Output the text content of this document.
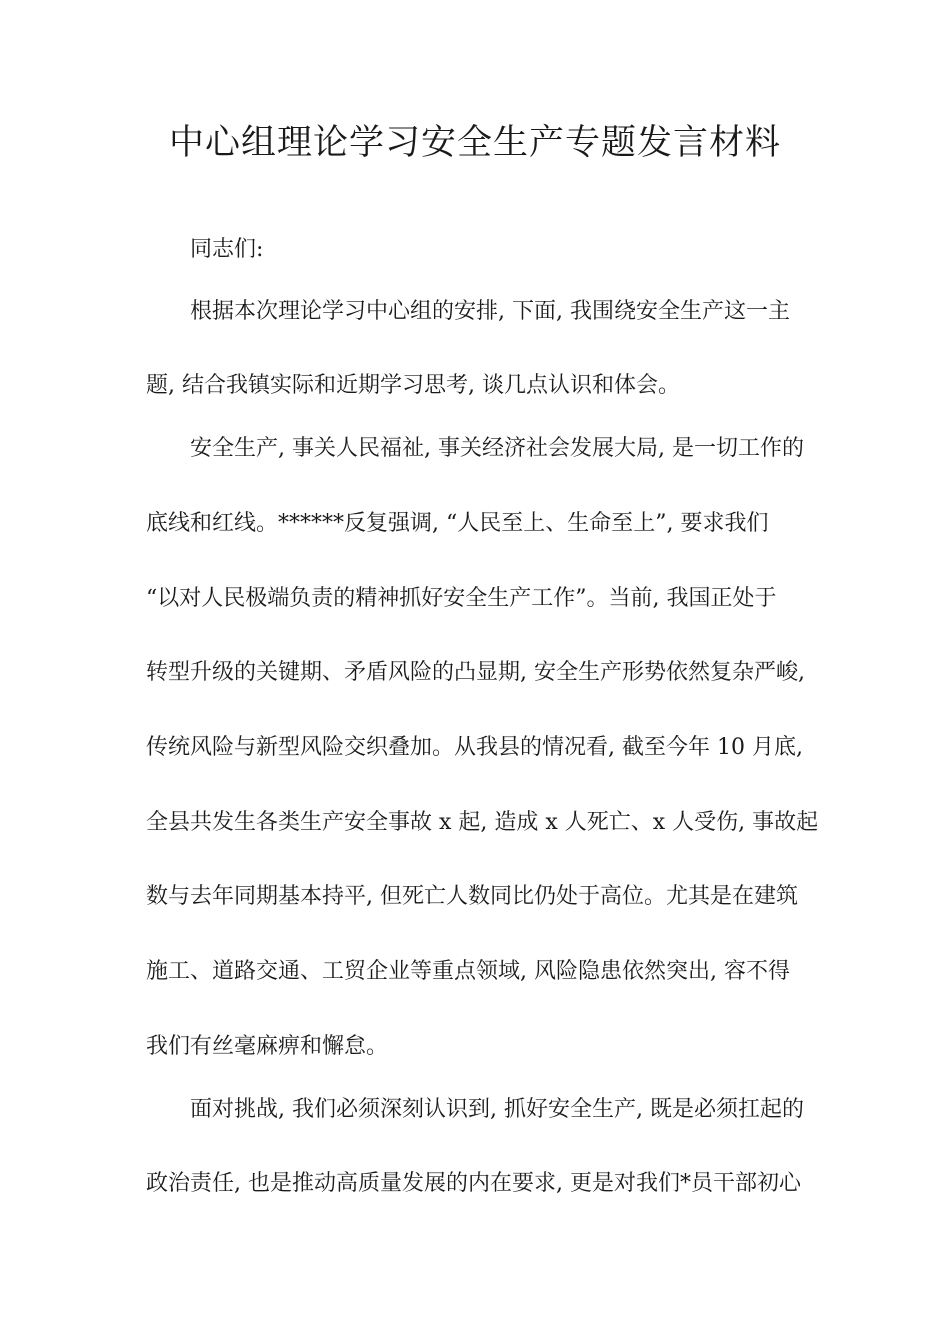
中心组理论学习安全生产专题发言材料
同志们:
根据本次理论学习中心组的安排, 下面, 我围绕安全生产这一主
题, 结合我镇实际和近期学习思考, 谈几点认识和体会。
安全生产, 事关人民福祉, 事关经济社会发展大局, 是一切工作的
底线和红线。******反复强调, “人民至上、生命至上”, 要求我们
“以对人民极端负责的精神抓好安全生产工作”。当前, 我国正处于
转型升级的关键期、矛盾风险的凸显期, 安全生产形势依然复杂严峻,
传统风险与新型风险交织叠加。从我县的情况看, 截至今年 10 月底,
全县共发生各类生产安全事故 x 起, 造成 x 人死亡、x 人受伤, 事故起
数与去年同期基本持平, 但死亡人数同比仍处于高位。尤其是在建筑
施工、道路交通、工贸企业等重点领域, 风险隐患依然突出, 容不得
我们有丝毫麻痹和懈怠。
面对挑战, 我们必须深刻认识到, 抓好安全生产, 既是必须扛起的
政治责任, 也是推动高质量发展的内在要求, 更是对我们*员干部初心
